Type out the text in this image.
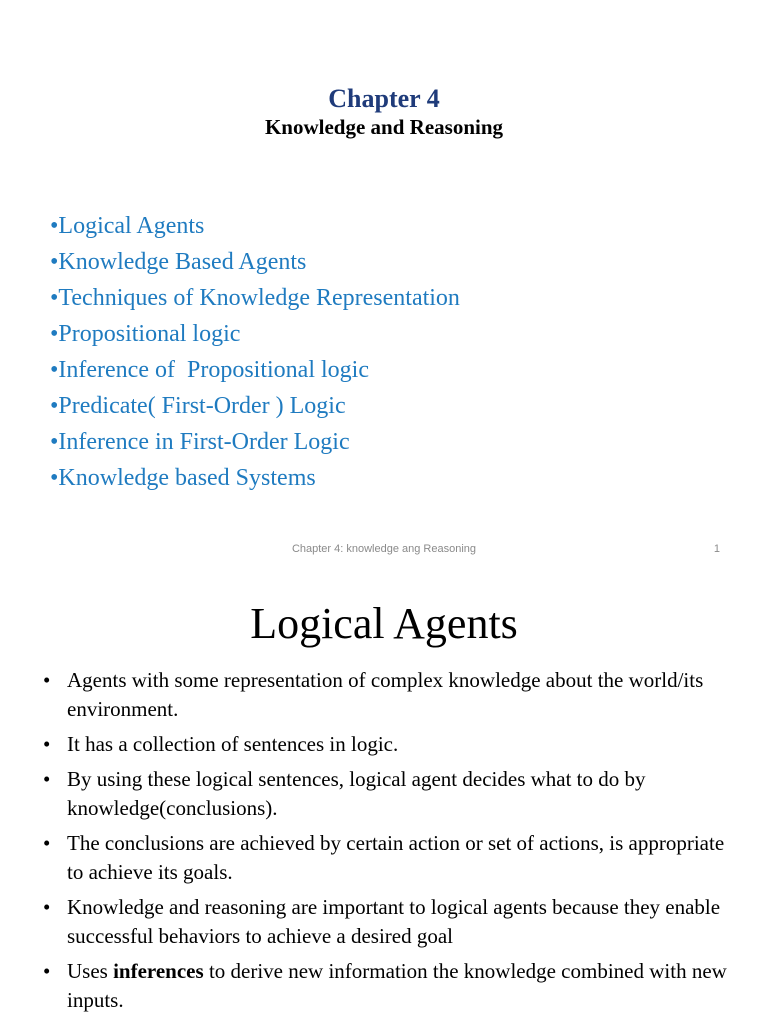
Chapter 4
Knowledge and Reasoning
•Logical Agents
•Knowledge Based Agents
•Techniques of Knowledge Representation
•Propositional logic
•Inference of  Propositional logic
•Predicate( First-Order ) Logic
•Inference in First-Order Logic
•Knowledge based Systems
Chapter 4: knowledge ang Reasoning	1
Logical Agents
• Agents with some representation of complex knowledge about the world/its environment.
• It has a collection of sentences in logic.
• By using these logical sentences, logical agent decides what to do by knowledge(conclusions).
• The conclusions are achieved by certain action or set of actions, is appropriate to achieve its goals.
• Knowledge and reasoning are important to logical agents because they enable successful behaviors to achieve a desired goal
• Uses inferences to derive new information the knowledge combined with new inputs.
